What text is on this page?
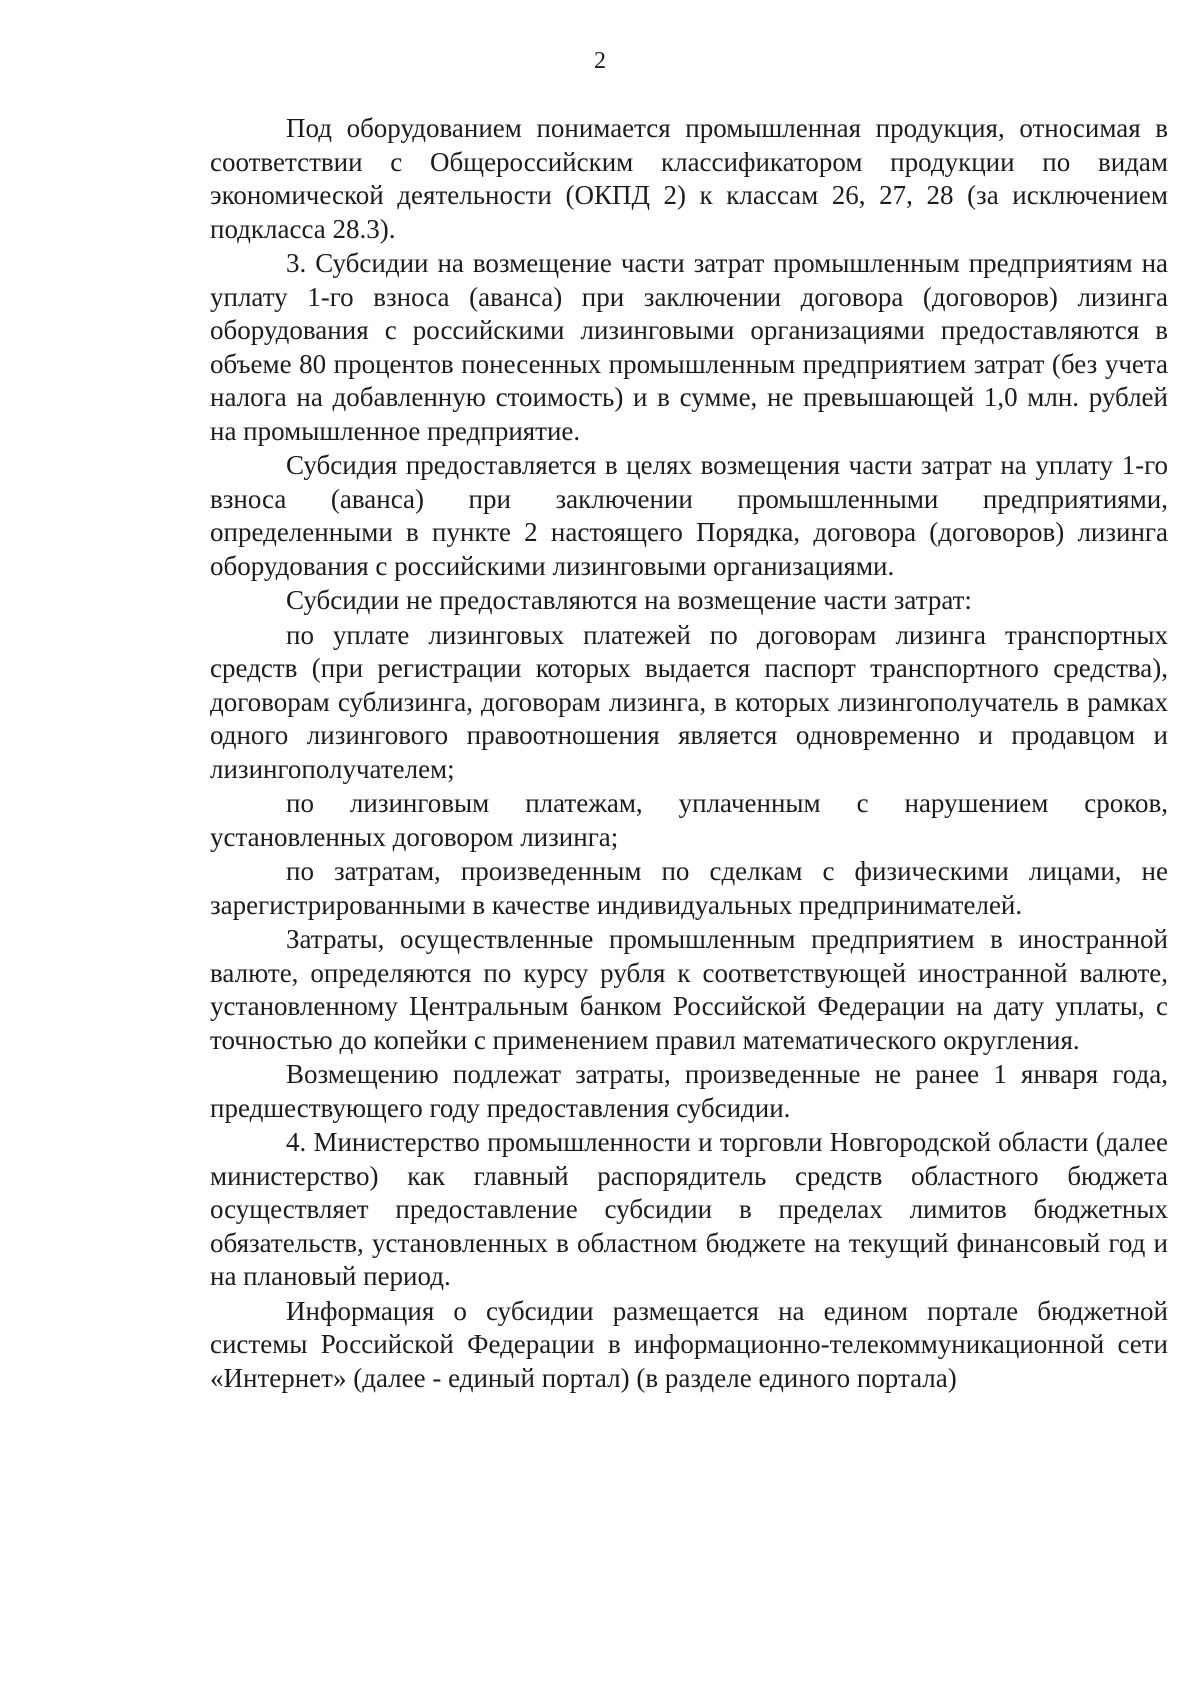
2

Под оборудованием понимается промышленная продукция, относимая в соответствии с Общероссийским классификатором продукции по видам экономической деятельности (ОКПД 2) к классам 26, 27, 28 (за исключением подкласса 28.3).

3. Субсидии на возмещение части затрат промышленным предприятиям на уплату 1-го взноса (аванса) при заключении договора (договоров) лизинга оборудования с российскими лизинговыми организациями предоставляются в объеме 80 процентов понесенных промышленным предприятием затрат (без учета налога на добавленную стоимость) и в сумме, не превышающей 1,0 млн. рублей на промышленное предприятие.

Субсидия предоставляется в целях возмещения части затрат на уплату 1-го взноса (аванса) при заключении промышленными предприятиями, определенными в пункте 2 настоящего Порядка, договора (договоров) лизинга оборудования с российскими лизинговыми организациями.

Субсидии не предоставляются на возмещение части затрат:

по уплате лизинговых платежей по договорам лизинга транспортных средств (при регистрации которых выдается паспорт транспортного средства), договорам сублизинга, договорам лизинга, в которых лизингополучатель в рамках одного лизингового правоотношения является одновременно и продавцом и лизингополучателем;

по лизинговым платежам, уплаченным с нарушением сроков, установленных договором лизинга;

по затратам, произведенным по сделкам с физическими лицами, не зарегистрированными в качестве индивидуальных предпринимателей.

Затраты, осуществленные промышленным предприятием в иностранной валюте, определяются по курсу рубля к соответствующей иностранной валюте, установленному Центральным банком Российской Федерации на дату уплаты, с точностью до копейки с применением правил математического округления.

Возмещению подлежат затраты, произведенные не ранее 1 января года, предшествующего году предоставления субсидии.

4. Министерство промышленности и торговли Новгородской области (далее министерство) как главный распорядитель средств областного бюджета осуществляет предоставление субсидии в пределах лимитов бюджетных обязательств, установленных в областном бюджете на текущий финансовый год и на плановый период.

Информация о субсидии размещается на едином портале бюджетной системы Российской Федерации в информационно-телекоммуникационной сети «Интернет» (далее - единый портал) (в разделе единого портала)
